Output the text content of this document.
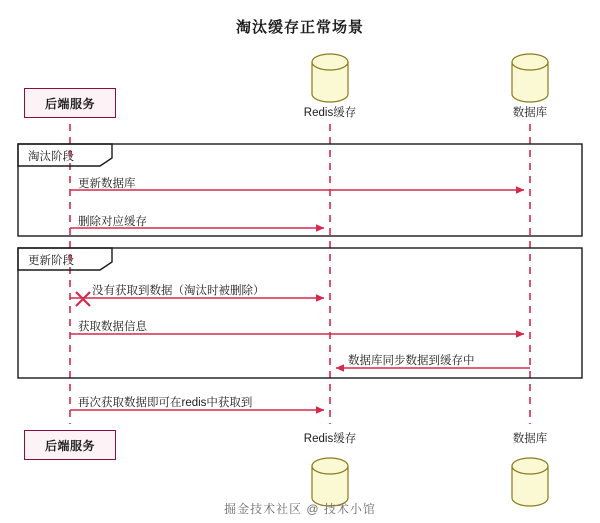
淘汰缓存正常场景
后端服务
后端服务
Redis缓存	数据库
Redis缓存	数据库
淘汰阶段
更新阶段
更新数据库
删除对应缓存
没有获取到数据（淘汰时被删除）
获取数据信息
数据库同步数据到缓存中
再次获取数据即可在redis中获取到
掘金技术社区 @ 技术小馆
